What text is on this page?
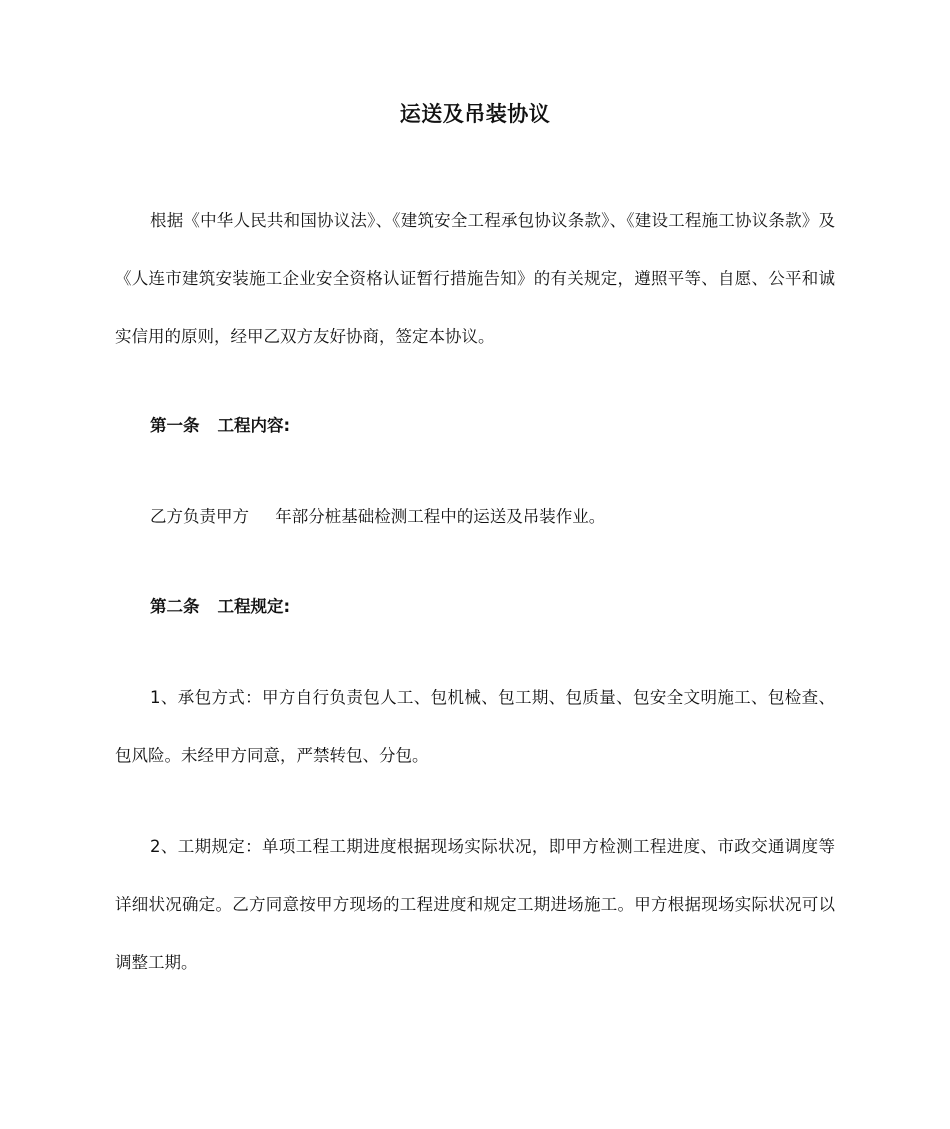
运送及吊装协议

根据《中华人民共和国协议法》、《建筑安全工程承包协议条款》、《建设工程施工协议条款》及《人连市建筑安装施工企业安全资格认证暂行措施告知》的有关规定，遵照平等、自愿、公平和诚实信用的原则，经甲乙双方友好协商，签定本协议。

第一条 工程内容:

乙方负责甲方     年部分桩基础检测工程中的运送及吊装作业。

第二条 工程规定:

1、承包方式：甲方自行负责包人工、包机械、包工期、包质量、包安全文明施工、包检查、包风险。未经甲方同意，严禁转包、分包。

2、工期规定：单项工程工期进度根据现场实际状况，即甲方检测工程进度、市政交通调度等详细状况确定。乙方同意按甲方现场的工程进度和规定工期进场施工。甲方根据现场实际状况可以调整工期。
